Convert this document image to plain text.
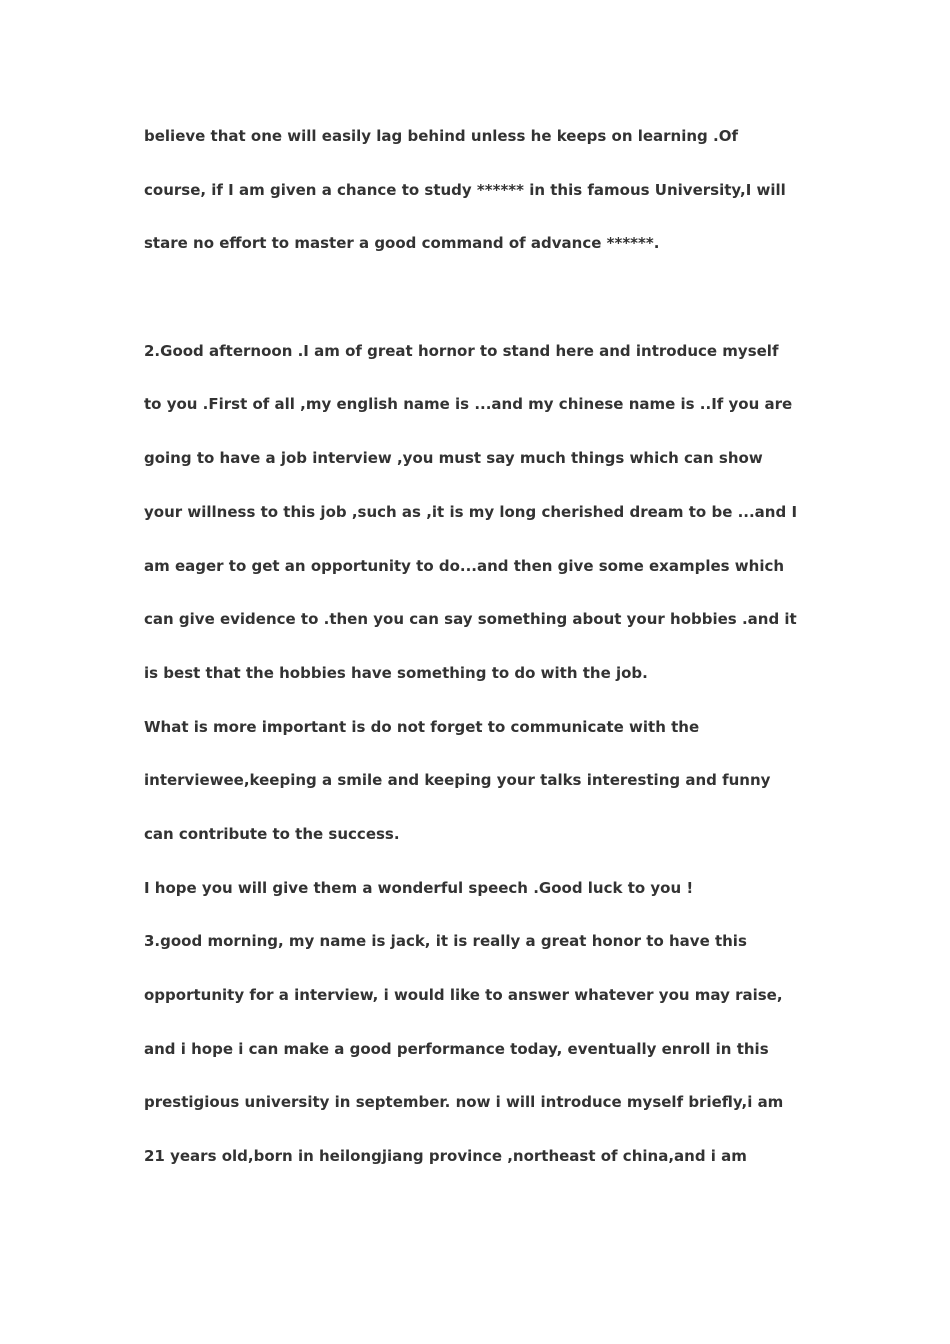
believe that one will easily lag behind unless he keeps on learning .Of
course, if I am given a chance to study ****** in this famous University,I will
stare no effort to master a good command of advance ******.
2.Good afternoon .I am of great hornor to stand here and introduce myself
to you .First of all ,my english name is ...and my chinese name is ..If you are
going to have a job interview ,you must say much things which can show
your willness to this job ,such as ,it is my long cherished dream to be ...and I
am eager to get an opportunity to do...and then give some examples which
can give evidence to .then you can say something about your hobbies .and it
is best that the hobbies have something to do with the job.
What is more important is do not forget to communicate with the
interviewee,keeping a smile and keeping your talks interesting and funny
can contribute to the success.
I hope you will give them a wonderful speech .Good luck to you !
3.good morning, my name is jack, it is really a great honor to have this
opportunity for a interview, i would like to answer whatever you may raise,
and i hope i can make a good performance today, eventually enroll in this
prestigious university in september. now i will introduce myself briefly,i am
21 years old,born in heilongjiang province ,northeast of china,and i am
